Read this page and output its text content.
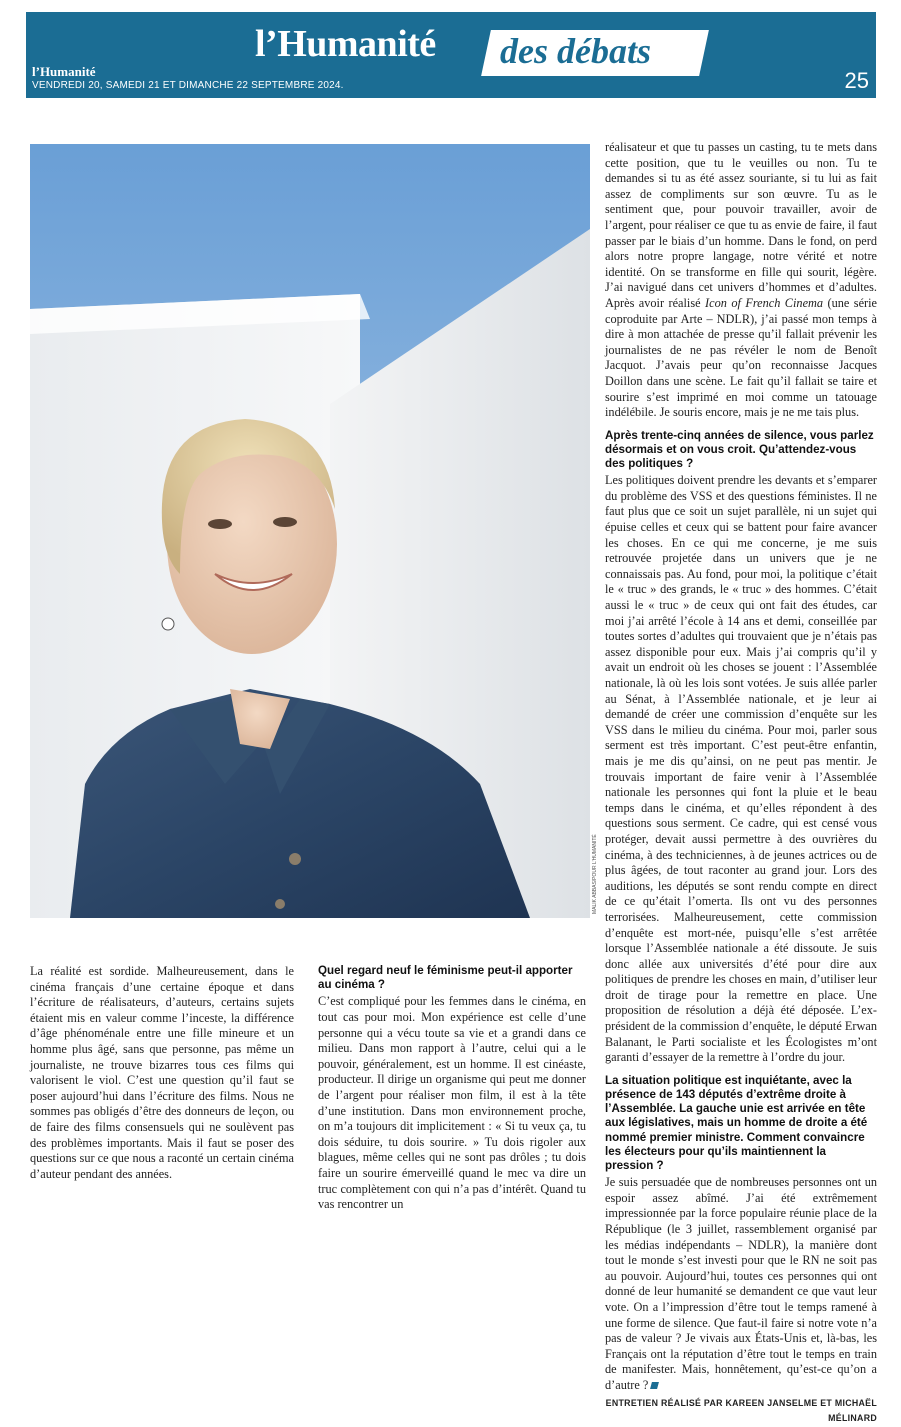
l’Humanité des débats
l’Humanité
VENDREDI 20, SAMEDI 21 ET DIMANCHE 22 SEPTEMBRE 2024.	25
MALIK ABBAS/POUR L’HUMANITÉ

La réalité est sordide. Malheureusement, dans le cinéma français d’une certaine époque et dans l’écriture de réalisateurs, d’auteurs, certains sujets étaient mis en valeur comme l’inceste, la différence d’âge phénoménale entre une fille mineure et un homme plus âgé, sans que personne, pas même un journaliste, ne trouve bizarres tous ces films qui valorisent le viol. C’est une question qu’il faut se poser aujourd’hui dans l’écriture des films. Nous ne sommes pas obligés d’être des donneurs de leçon, ou de faire des films consensuels qui ne soulèvent pas des problèmes importants. Mais il faut se poser des questions sur ce que nous a raconté un certain cinéma d’auteur pendant des années.

Quel regard neuf le féminisme peut-il apporter au cinéma ?

C’est compliqué pour les femmes dans le cinéma, en tout cas pour moi. Mon expérience est celle d’une personne qui a vécu toute sa vie et a grandi dans ce milieu. Dans mon rapport à l’autre, celui qui a le pouvoir, généralement, est un homme. Il est cinéaste, producteur. Il dirige un organisme qui peut me donner de l’argent pour réaliser mon film, il est à la tête d’une institution. Dans mon environnement proche, on m’a toujours dit implicitement : « Si tu veux ça, tu dois séduire, tu dois sourire. » Tu dois rigoler aux blagues, même celles qui ne sont pas drôles ; tu dois faire un sourire émerveillé quand le mec va dire un truc complètement con qui n’a pas d’intérêt. Quand tu vas rencontrer un

réalisateur et que tu passes un casting, tu te mets dans cette position, que tu le veuilles ou non. Tu te demandes si tu as été assez souriante, si tu lui as fait assez de compliments sur son œuvre. Tu as le sentiment que, pour pouvoir travailler, avoir de l’argent, pour réaliser ce que tu as envie de faire, il faut passer par le biais d’un homme. Dans le fond, on perd alors notre propre langage, notre vérité et notre identité. On se transforme en fille qui sourit, légère. J’ai navigué dans cet univers d’hommes et d’adultes. Après avoir réalisé Icon of French Cinema (une série coproduite par Arte – NDLR), j’ai passé mon temps à dire à mon attachée de presse qu’il fallait prévenir les journalistes de ne pas révéler le nom de Benoît Jacquot. J’avais peur qu’on reconnaisse Jacques Doillon dans une scène. Le fait qu’il fallait se taire et sourire s’est imprimé en moi comme un tatouage indélébile. Je souris encore, mais je ne me tais plus.

Après trente-cinq années de silence, vous parlez désormais et on vous croit. Qu’attendez-vous des politiques ?

Les politiques doivent prendre les devants et s’emparer du problème des VSS et des questions féministes. Il ne faut plus que ce soit un sujet parallèle, ni un sujet qui épuise celles et ceux qui se battent pour faire avancer les choses. En ce qui me concerne, je me suis retrouvée projetée dans un univers que je ne connaissais pas. Au fond, pour moi, la politique c’était le « truc » des grands, le « truc » des hommes. C’était aussi le « truc » de ceux qui ont fait des études, car moi j’ai arrêté l’école à 14 ans et demi, conseillée par toutes sortes d’adultes qui trouvaient que je n’étais pas assez disponible pour eux. Mais j’ai compris qu’il y avait un endroit où les choses se jouent : l’Assemblée nationale, là où les lois sont votées. Je suis allée parler au Sénat, à l’Assemblée nationale, et je leur ai demandé de créer une commission d’enquête sur les VSS dans le milieu du cinéma. Pour moi, parler sous serment est très important. C’est peut-être enfantin, mais je me dis qu’ainsi, on ne peut pas mentir. Je trouvais important de faire venir à l’Assemblée nationale les personnes qui font la pluie et le beau temps dans le cinéma, et qu’elles répondent à des questions sous serment. Ce cadre, qui est censé vous protéger, devait aussi permettre à des ouvrières du cinéma, à des techniciennes, à de jeunes actrices ou de plus âgées, de tout raconter au grand jour. Lors des auditions, les députés se sont rendu compte en direct de ce qu’était l’omerta. Ils ont vu des personnes terrorisées. Malheureusement, cette commission d’enquête est mort-née, puisqu’elle s’est arrêtée lorsque l’Assemblée nationale a été dissoute. Je suis donc allée aux universités d’été pour dire aux politiques de prendre les choses en main, d’utiliser leur droit de tirage pour la remettre en place. Une proposition de résolution a déjà été déposée. L’ex-président de la commission d’enquête, le député Erwan Balanant, le Parti socialiste et les Écologistes m’ont garanti d’essayer de la remettre à l’ordre du jour.

La situation politique est inquiétante, avec la présence de 143 députés d’extrême droite à l’Assemblée. La gauche unie est arrivée en tête aux législatives, mais un homme de droite a été nommé premier ministre. Comment convaincre les électeurs pour qu’ils maintiennent la pression ?

Je suis persuadée que de nombreuses personnes ont un espoir assez abîmé. J’ai été extrêmement impressionnée par la force populaire réunie place de la République (le 3 juillet, rassemblement organisé par les médias indépendants – NDLR), la manière dont tout le monde s’est investi pour que le RN ne soit pas au pouvoir. Aujourd’hui, toutes ces personnes qui ont donné de leur humanité se demandent ce que vaut leur vote. On a l’impression d’être tout le temps ramené à une forme de silence. Que faut-il faire si notre vote n’a pas de valeur ? Je vivais aux États-Unis et, là-bas, les Français ont la réputation d’être tout le temps en train de manifester. Mais, honnêtement, qu’est-ce qu’on a d’autre ?

ENTRETIEN RÉALISÉ PAR KAREEN JANSELME ET MICHAËL MÉLINARD
